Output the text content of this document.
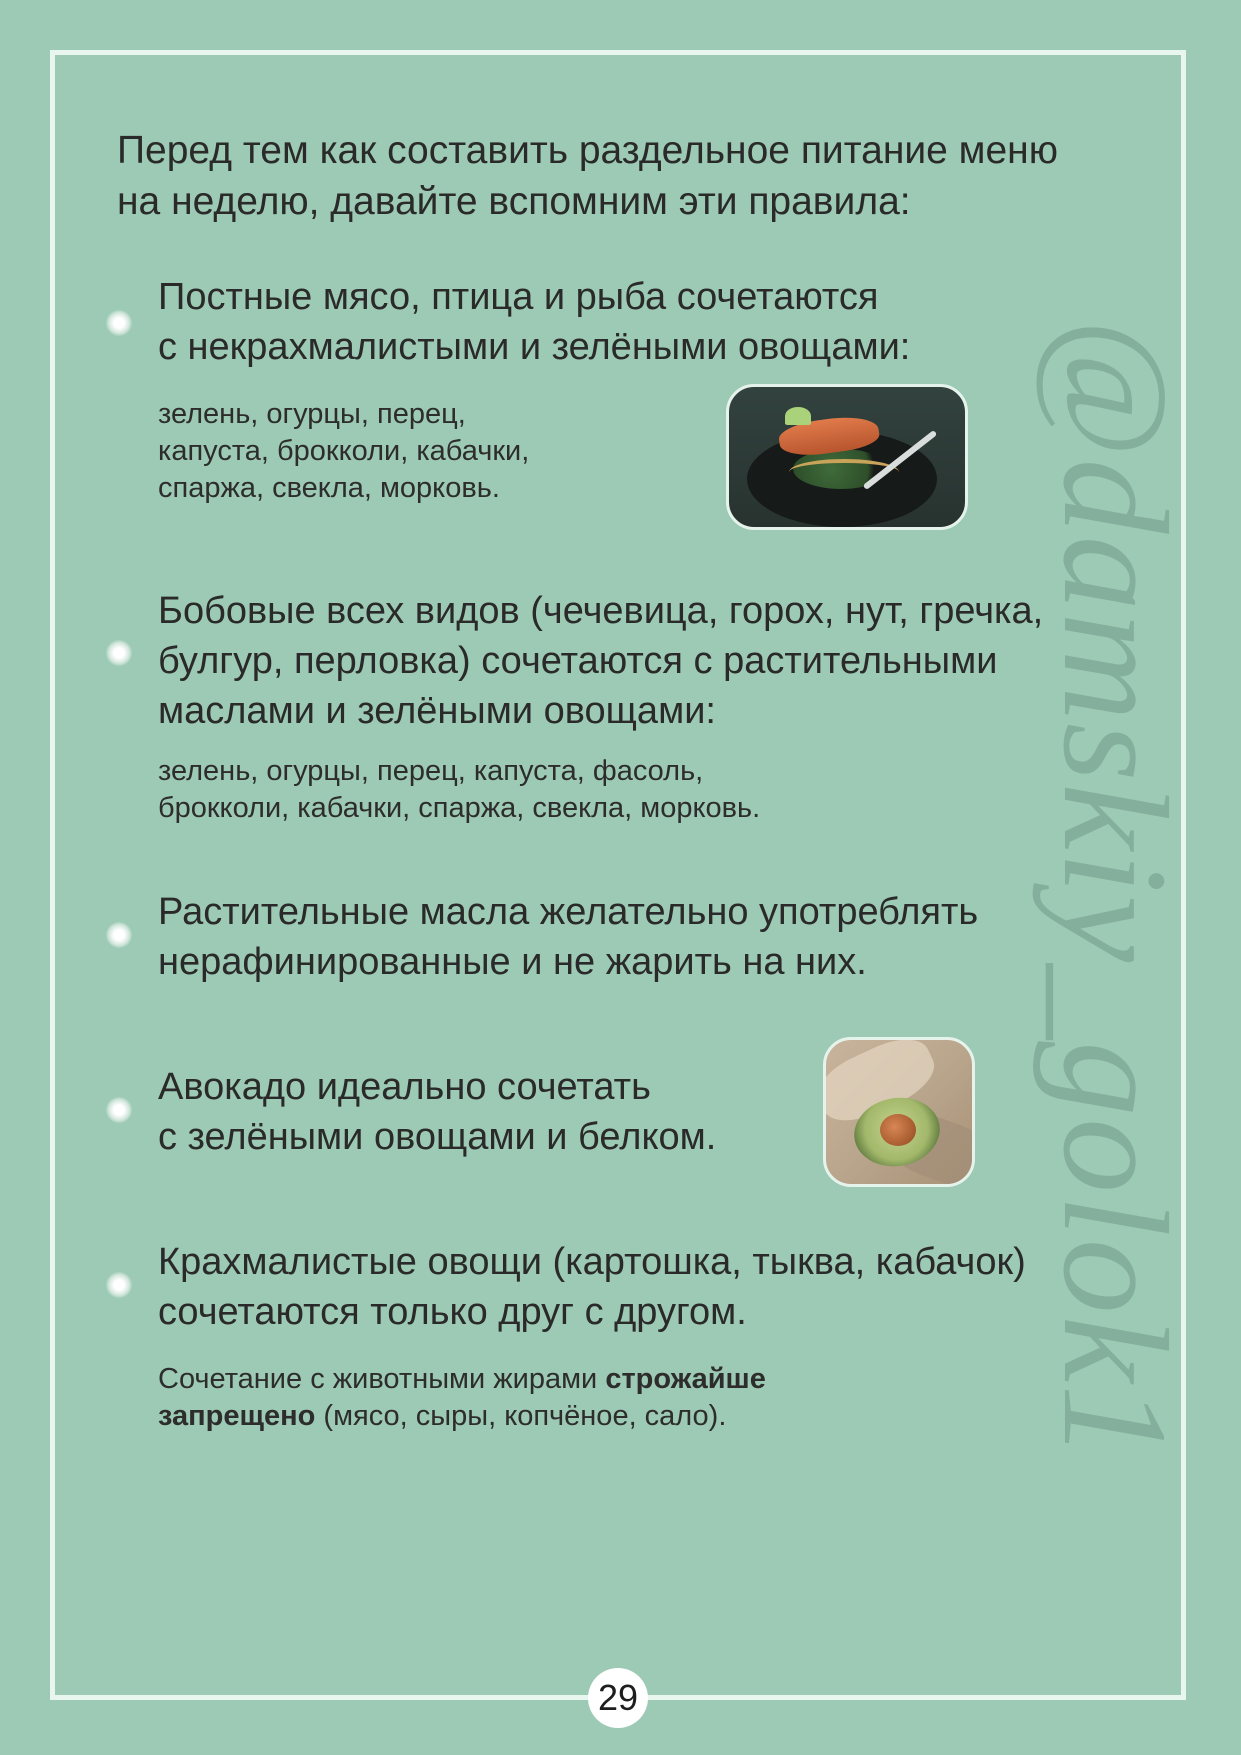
@damskiy_golok1

Перед тем как составить раздельное питание меню
на неделю, давайте вспомним эти правила:

Постные мясо, птица и рыба сочетаются
с некрахмалистыми и зелёными овощами:

зелень, огурцы, перец,
капуста, брокколи, кабачки,
спаржа, свекла, морковь.

Бобовые всех видов (чечевица, горох, нут, гречка,
булгур, перловка) сочетаются с растительными
маслами и зелёными овощами:

зелень, огурцы, перец, капуста, фасоль,
брокколи, кабачки, спаржа, свекла, морковь.

Растительные масла желательно употреблять
нерафинированные и не жарить на них.

Авокадо идеально сочетать
с зелёными овощами и белком.

Крахмалистые овощи (картошка, тыква, кабачок)
сочетаются только друг с другом.

Сочетание с животными жирами строжайше
запрещено (мясо, сыры, копчёное, сало).

29
